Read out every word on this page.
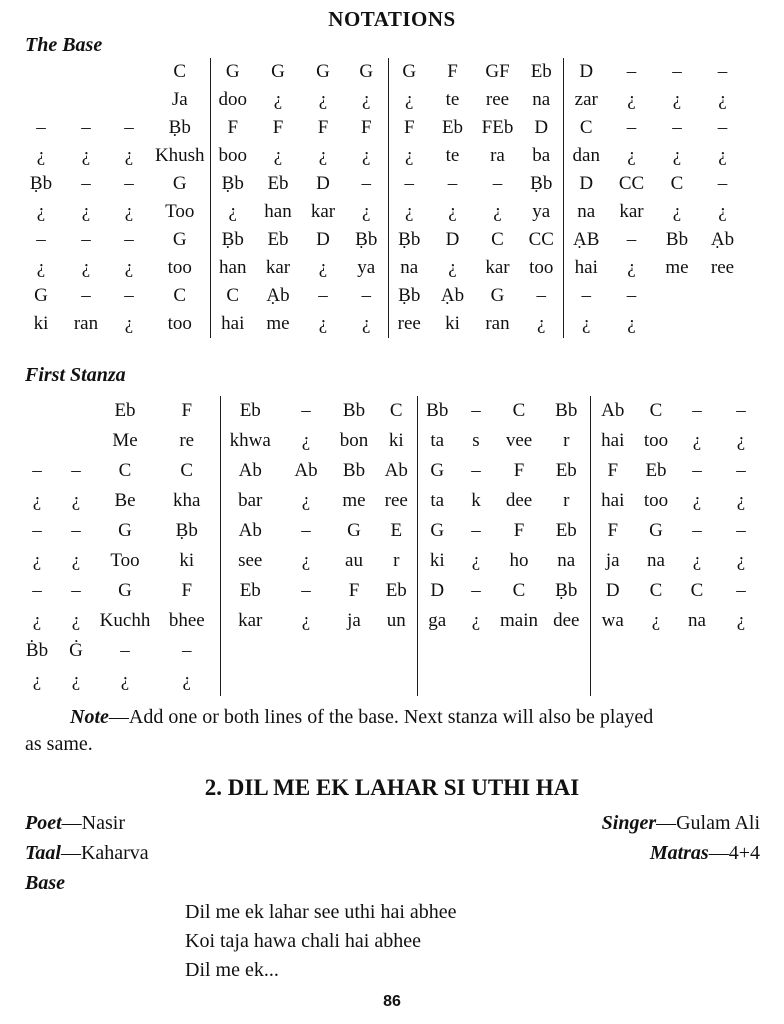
NOTATIONS
The Base
			C	G	G	G	G	G	F	GF	Eb	D	–	–	–
			Ja	doo	¿	¿	¿	¿	te	ree	na	zar	¿	¿	¿
–	–	–	Ḅb	F	F	F	F	F	Eb	FEb	D	C	–	–	–
¿	¿	¿	Khush	boo	¿	¿	¿	¿	te	ra	ba	dan	¿	¿	¿
Ḅb	–	–	G	Ḅb	Eb	D	–	–	–	–	Ḅb	D	CC	C	–
¿	¿	¿	Too	¿	han	kar	¿	¿	¿	¿	ya	na	kar	¿	¿
–	–	–	G	Ḅb	Eb	D	Ḅb	Ḅb	D	C	CC	ẠB	–	Bb	Ạb
¿	¿	¿	too	han	kar	¿	ya	na	¿	kar	too	hai	¿	me	ree
G	–	–	C	C	Ạb	–	–	Ḅb	Ạb	G	–	–	–		
ki	ran	¿	too	hai	me	¿	¿	ree	ki	ran	¿	¿	¿		
First Stanza
		Eb	F	Eb	–	Bb	C	Bb	–	C	Bb	Ab	C	–	–
		Me	re	khwa	¿	bon	ki	ta	s	vee	r	hai	too	¿	¿
–	–	C	C	Ab	Ab	Bb	Ab	G	–	F	Eb	F	Eb	–	–
¿	¿	Be	kha	bar	¿	me	ree	ta	k	dee	r	hai	too	¿	¿
–	–	G	Ḅb	Ab	–	G	E	G	–	F	Eb	F	G	–	–
¿	¿	Too	ki	see	¿	au	r	ki	¿	ho	na	ja	na	¿	¿
–	–	G	F	Eb	–	F	Eb	D	–	C	Ḅb	D	C	C	–
¿	¿	Kuchh	bhee	kar	¿	ja	un	ga	¿	main	dee	wa	¿	na	¿
Ḃb	Ġ	–	–												
¿	¿	¿	¿												
Note—Add one or both lines of the base. Next stanza will also be played
as same.
2. DIL ME EK LAHAR SI UTHI HAI
Poet—Nasir	Singer—Gulam Ali
Taal—Kaharva	Matras—4+4
Base
Dil me ek lahar see uthi hai abhee
Koi taja hawa chali hai abhee
Dil me ek...
86
